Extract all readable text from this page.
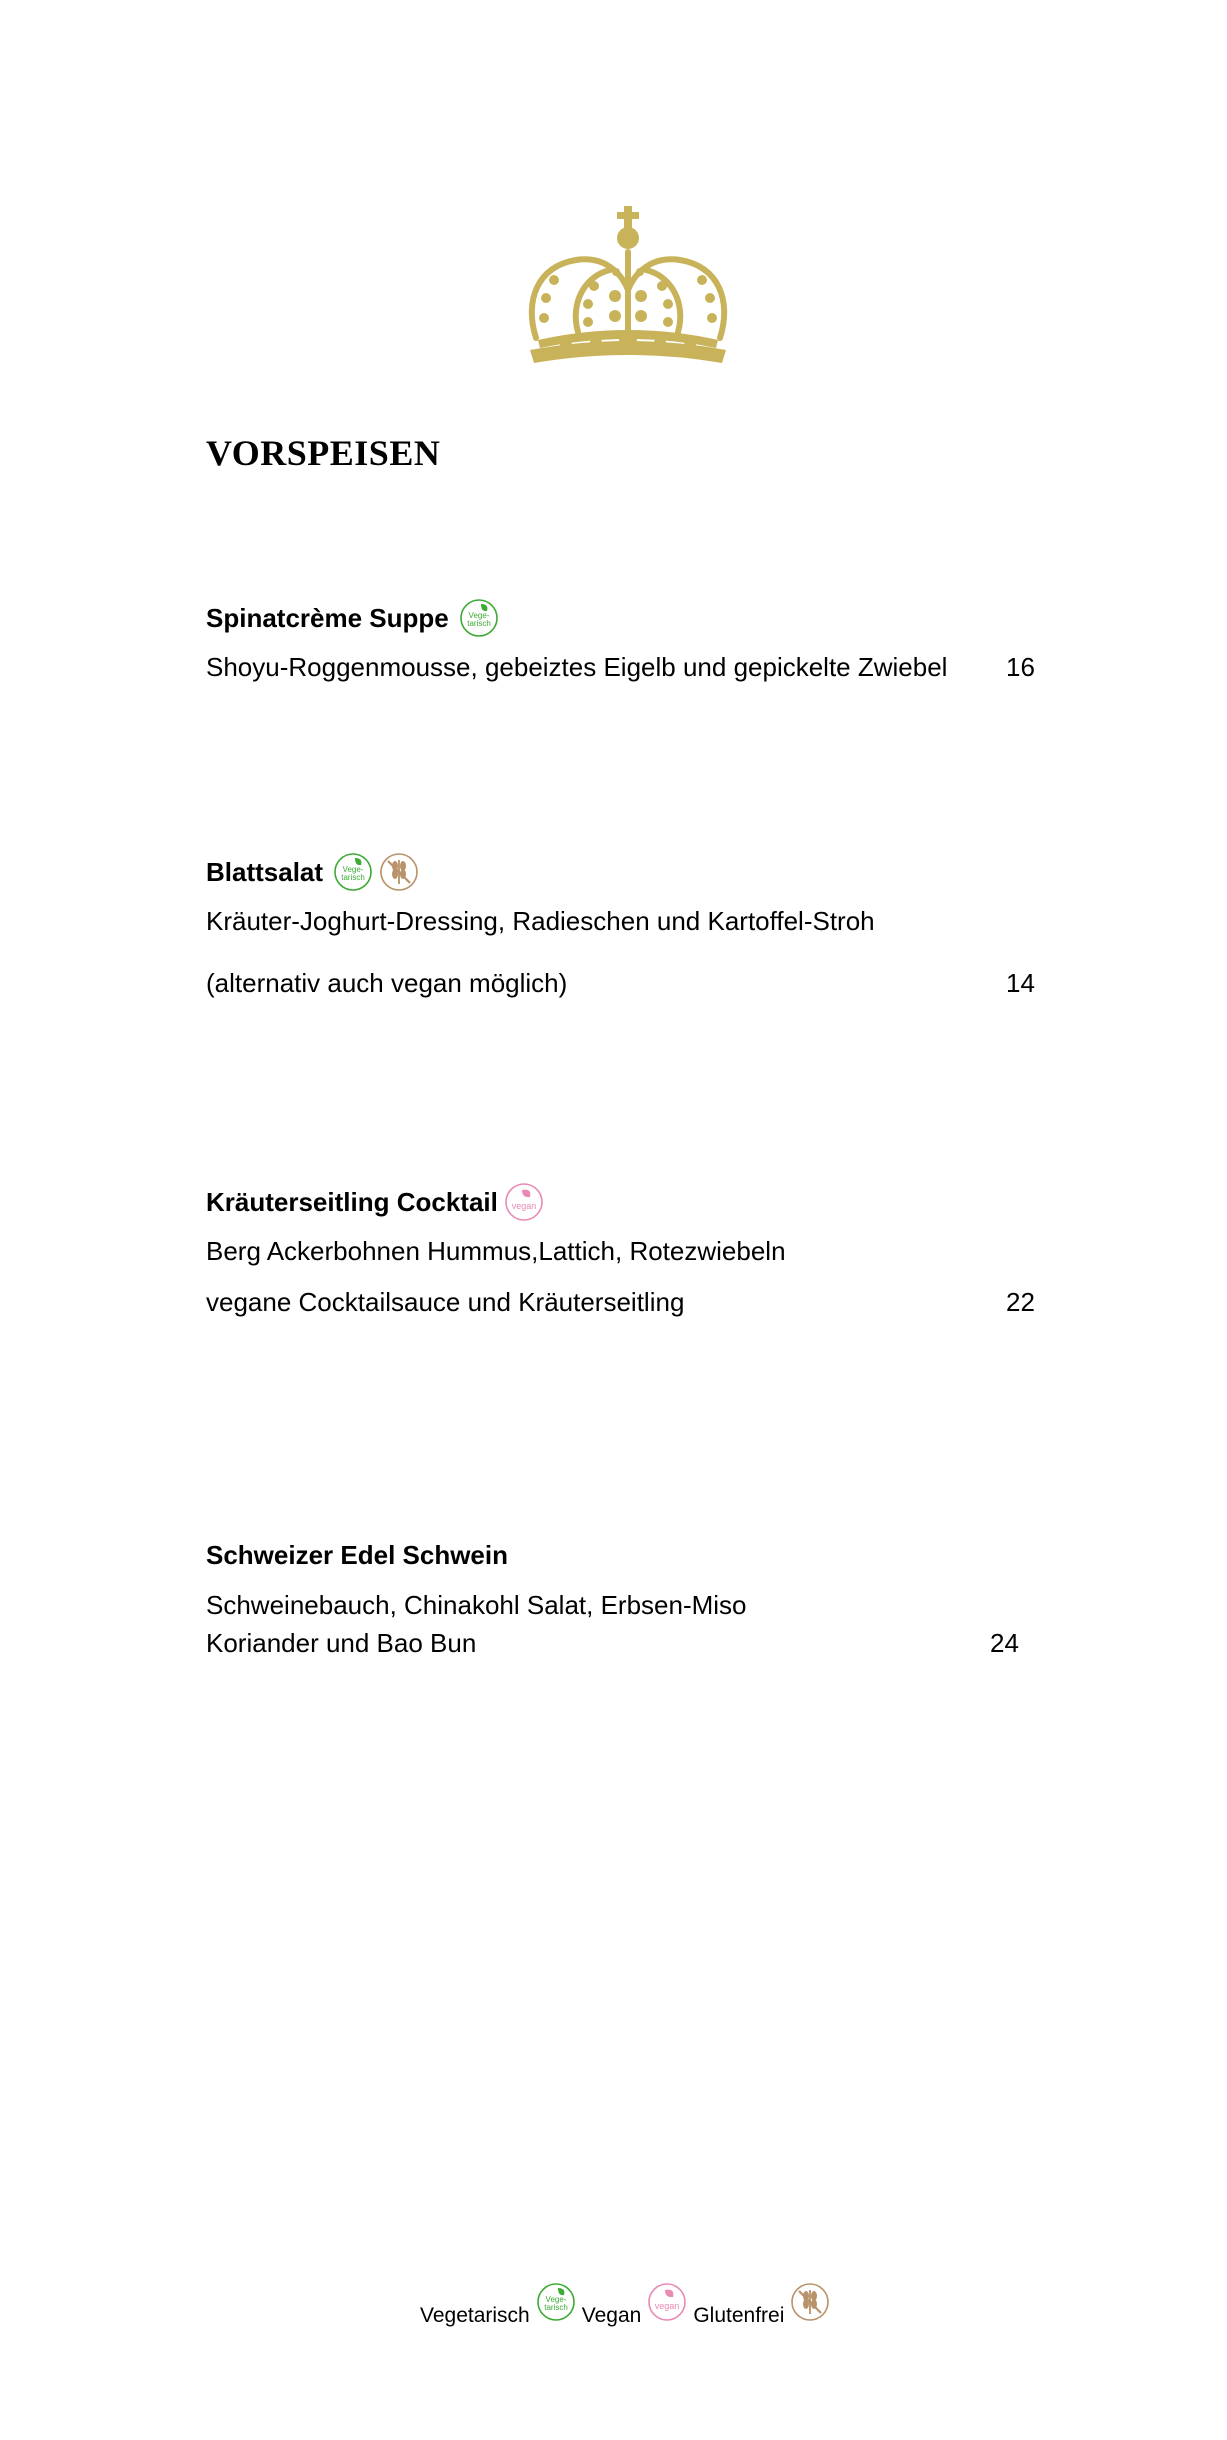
VORSPEISEN
Spinatcrème Suppe Vege-
tarisch
Shoyu-Roggenmousse, gebeiztes Eigelb und gepickelte Zwiebel 16
Blattsalat Vege-
tarisch
Kräuter-Joghurt-Dressing, Radieschen und Kartoffel-Stroh
(alternativ auch vegan möglich)	14
Kräuterseitling Cocktail vegan
Berg Ackerbohnen Hummus,Lattich, Rotezwiebeln
vegane Cocktailsauce und Kräuterseitling	22
Schweizer Edel Schwein
Schweinebauch, Chinakohl Salat, Erbsen-Miso
Koriander und Bao Bun	24
Vegetarisch
Vege-
tarisch Vegan vegan Glutenfrei
